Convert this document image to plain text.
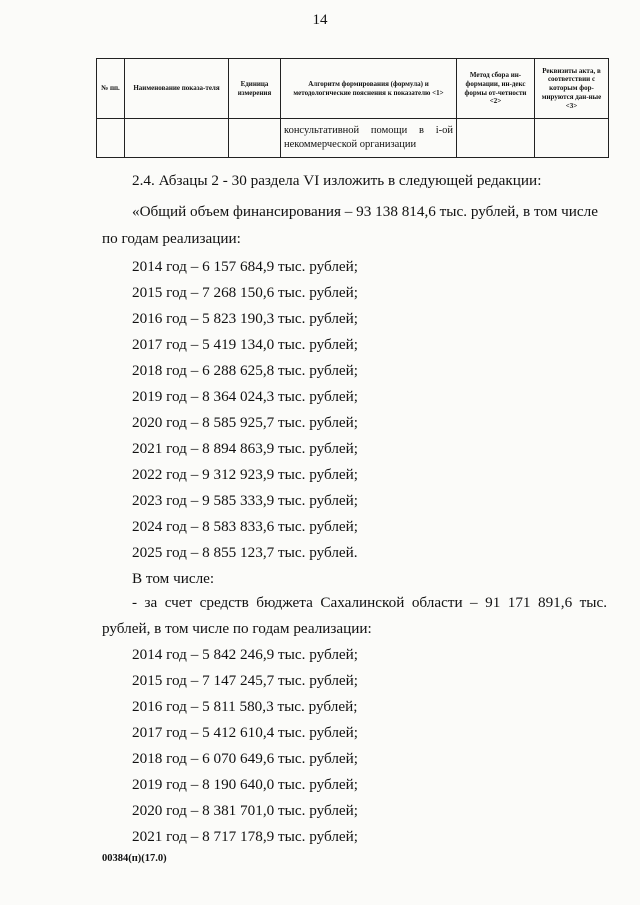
14
№ пп.	Наименование показа-теля	Единица измерения	Алгоритм формирования (формула) и методологические пояснения к показателю <1>	Метод сбора ин-формации, ин-декс формы от-четности <2>	Реквизиты акта, в соответствии с которым фор-мируются дан-ные <3>

			консультативной помощи в i-ой
некоммерческой организации		

2.4. Абзацы 2 - 30 раздела VI изложить в следующей редакции:
«Общий объем финансирования – 93 138 814,6 тыс. рублей, в том числе
по годам реализации:
2014 год – 6 157 684,9 тыс. рублей;
2015 год – 7 268 150,6 тыс. рублей;
2016 год – 5 823 190,3 тыс. рублей;
2017 год – 5 419 134,0 тыс. рублей;
2018 год – 6 288 625,8 тыс. рублей;
2019 год – 8 364 024,3 тыс. рублей;
2020 год – 8 585 925,7 тыс. рублей;
2021 год – 8 894 863,9 тыс. рублей;
2022 год – 9 312 923,9 тыс. рублей;
2023 год – 9 585 333,9 тыс. рублей;
2024 год – 8 583 833,6 тыс. рублей;
2025 год – 8 855 123,7 тыс. рублей.
В том числе:
- за счет средств бюджета Сахалинской области – 91 171 891,6 тыс.
рублей, в том числе по годам реализации:
2014 год – 5 842 246,9 тыс. рублей;
2015 год – 7 147 245,7 тыс. рублей;
2016 год – 5 811 580,3 тыс. рублей;
2017 год – 5 412 610,4 тыс. рублей;
2018 год – 6 070 649,6 тыс. рублей;
2019 год – 8 190 640,0 тыс. рублей;
2020 год – 8 381 701,0 тыс. рублей;
2021 год – 8 717 178,9 тыс. рублей;
00384(п)(17.0)
